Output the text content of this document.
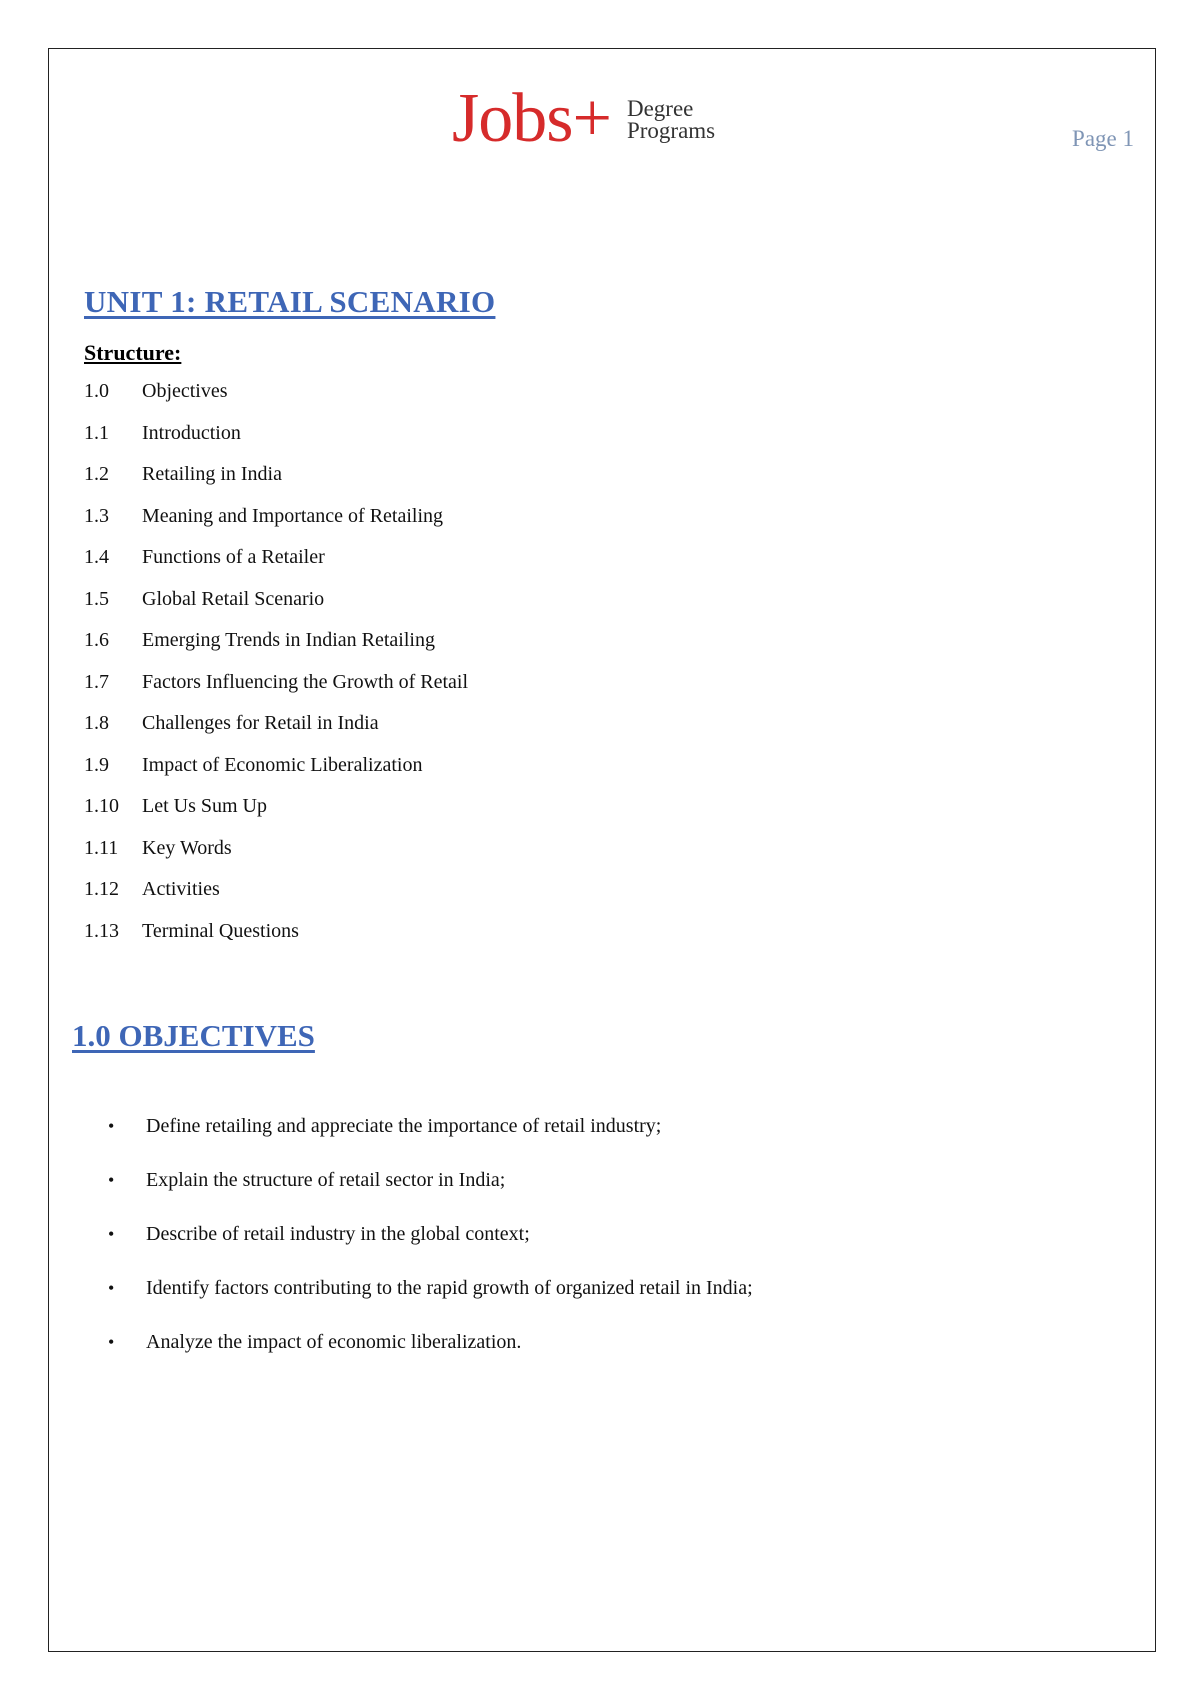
Jobs+ Degree
Programs	Page 1
UNIT 1: RETAIL SCENARIO
Structure:
1.0	Objectives
1.1	Introduction
1.2	Retailing in India
1.3	Meaning and Importance of Retailing
1.4	Functions of a Retailer
1.5	Global Retail Scenario
1.6	Emerging Trends in Indian Retailing
1.7	Factors Influencing the Growth of Retail
1.8	Challenges for Retail in India
1.9	Impact of Economic Liberalization
1.10	Let Us Sum Up
1.11	Key Words
1.12	Activities
1.13	Terminal Questions
1.0 OBJECTIVES
• Define retailing and appreciate the importance of retail industry;
• Explain the structure of retail sector in India;
• Describe of retail industry in the global context;
• Identify factors contributing to the rapid growth of organized retail in India;
• Analyze the impact of economic liberalization.
